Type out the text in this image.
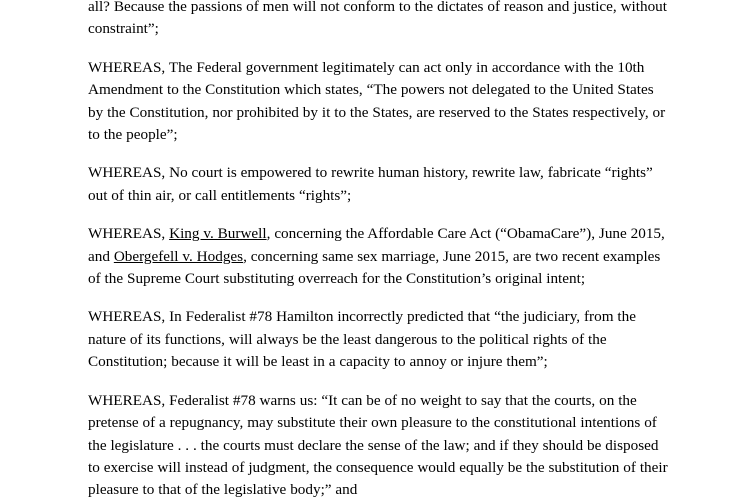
all? Because the passions of men will not conform to the dictates of reason and justice, without constraint”;

WHEREAS, The Federal government legitimately can act only in accordance with the 10th Amendment to the Constitution which states, “The powers not delegated to the United States by the Constitution, nor prohibited by it to the States, are reserved to the States respectively, or to the people”;

WHEREAS, No court is empowered to rewrite human history, rewrite law, fabricate “rights” out of thin air, or call entitlements “rights”;

WHEREAS, King v. Burwell, concerning the Affordable Care Act (“ObamaCare”), June 2015, and Obergefell v. Hodges, concerning same sex marriage, June 2015, are two recent examples of the Supreme Court substituting overreach for the Constitution’s original intent;

WHEREAS, In Federalist #78 Hamilton incorrectly predicted that “the judiciary, from the nature of its functions, will always be the least dangerous to the political rights of the Constitution; because it will be least in a capacity to annoy or injure them”;

WHEREAS, Federalist #78 warns us: “It can be of no weight to say that the courts, on the pretense of a repugnancy, may substitute their own pleasure to the constitutional intentions of the legislature . . . the courts must declare the sense of the law; and if they should be disposed to exercise will instead of judgment, the consequence would equally be the substitution of their pleasure to that of the legislative body;” and
